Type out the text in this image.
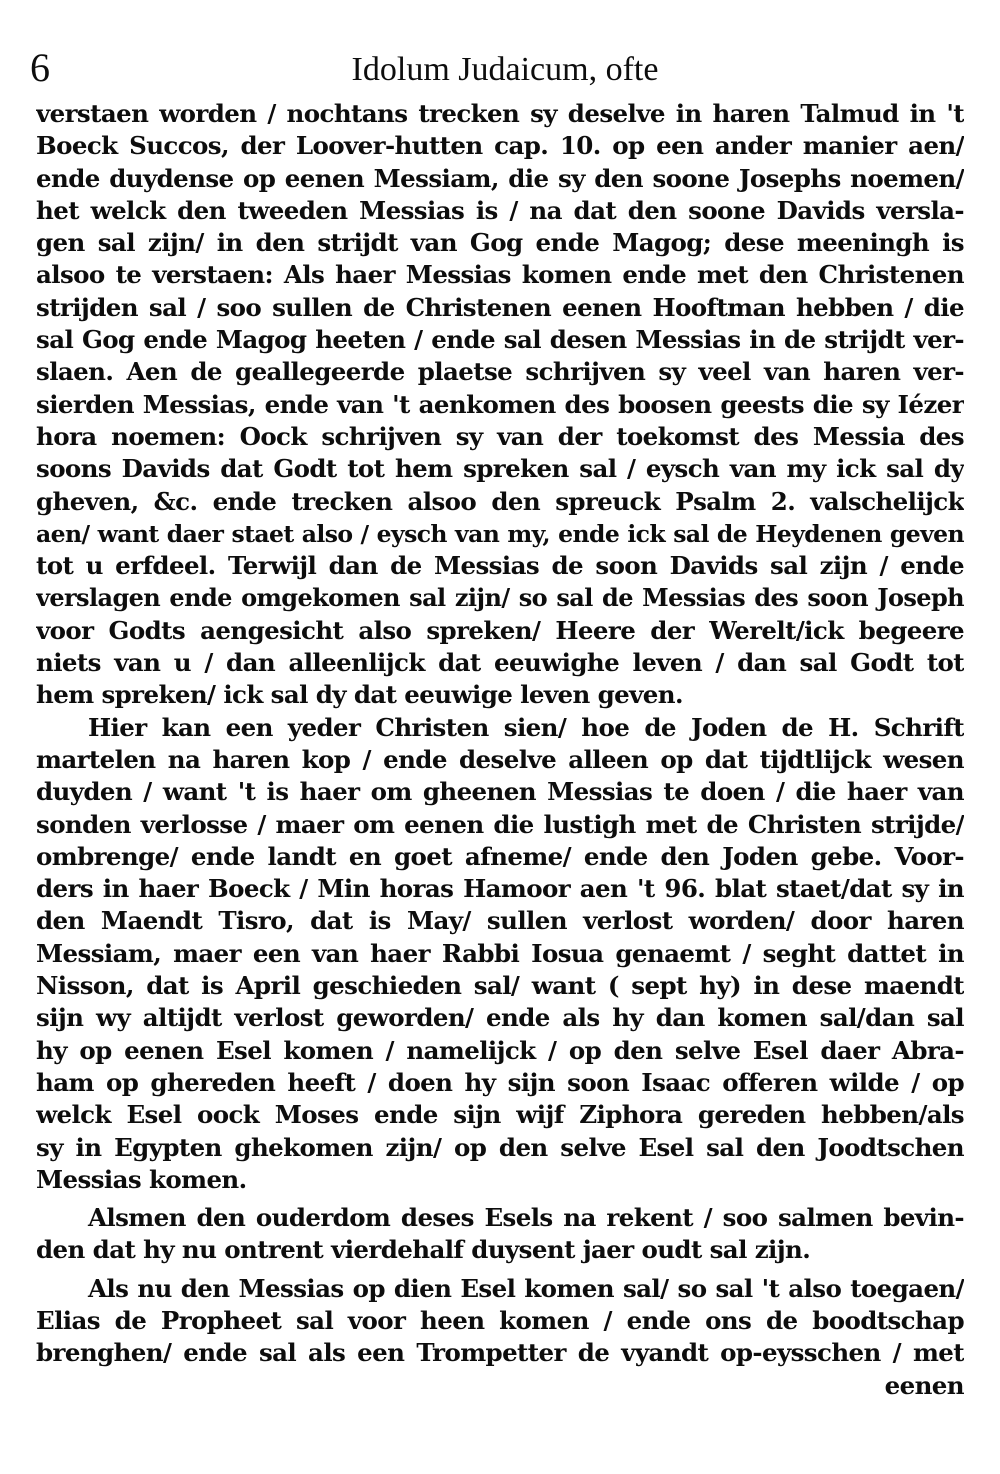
6	Idolum Judaicum, ofte
verstaen worden / nochtans trecken sy deselve in haren Talmud in 't
Boeck Succos, der Loover-hutten cap. 10. op een ander manier aen/
ende duydense op eenen Messiam, die sy den soone Josephs noemen/
het welck den tweeden Messias is / na dat den soone Davids versla-
gen sal zijn/ in den strijdt van Gog ende Magog; dese meeningh is
alsoo te verstaen: Als haer Messias komen ende met den Christenen
strijden sal / soo sullen de Christenen eenen Hooftman hebben / die
sal Gog ende Magog heeten / ende sal desen Messias in de strijdt ver-
slaen. Aen de geallegeerde plaetse schrijven sy veel van haren ver-
sierden Messias, ende van 't aenkomen des boosen geests die sy Iézer
hora noemen: Oock schrijven sy van der toekomst des Messia des
soons Davids dat Godt tot hem spreken sal / eysch van my ick sal dy
gheven, &c. ende trecken alsoo den spreuck Psalm 2. valschelijck
aen/ want daer staet also / eysch van my, ende ick sal de Heydenen geven
tot u erfdeel. Terwijl dan de Messias de soon Davids sal zijn / ende
verslagen ende omgekomen sal zijn/ so sal de Messias des soon Joseph
voor Godts aengesicht also spreken/ Heere der Werelt/ick begeere
niets van u / dan alleenlijck dat eeuwighe leven / dan sal Godt tot
hem spreken/ ick sal dy dat eeuwige leven geven.
Hier kan een yeder Christen sien/ hoe de Joden de H. Schrift
martelen na haren kop / ende deselve alleen op dat tijdtlijck wesen
duyden / want 't is haer om gheenen Messias te doen / die haer van
sonden verlosse / maer om eenen die lustigh met de Christen strijde/
ombrenge/ ende landt en goet afneme/ ende den Joden gebe. Voor-
ders in haer Boeck / Min horas Hamoor aen 't 96. blat staet/dat sy in
den Maendt Tisro, dat is May/ sullen verlost worden/ door haren
Messiam, maer een van haer Rabbi Iosua genaemt / seght dattet in
Nisson, dat is April geschieden sal/ want ( sept hy) in dese maendt
sijn wy altijdt verlost geworden/ ende als hy dan komen sal/dan sal
hy op eenen Esel komen / namelijck / op den selve Esel daer Abra-
ham op ghereden heeft / doen hy sijn soon Isaac offeren wilde / op
welck Esel oock Moses ende sijn wijf Ziphora gereden hebben/als
sy in Egypten ghekomen zijn/ op den selve Esel sal den Joodtschen
Messias komen.
Alsmen den ouderdom deses Esels na rekent / soo salmen bevin-
den dat hy nu ontrent vierdehalf duysent jaer oudt sal zijn.
Als nu den Messias op dien Esel komen sal/ so sal 't also toegaen/
Elias de Propheet sal voor heen komen / ende ons de boodtschap
brenghen/ ende sal als een Trompetter de vyandt op-eysschen / met
eenen
